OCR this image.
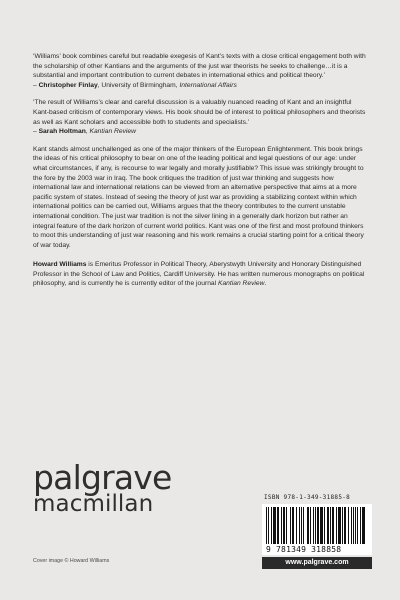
‘Williams’ book combines careful but readable exegesis of Kant’s texts with a close critical engagement both with the scholarship of other Kantians and the arguments of the just war theorists he seeks to challenge…it is a substantial and important contribution to current debates in international ethics and political theory.’

– Christopher Finlay, University of Birmingham, International Affairs

‘The result of Williams’s clear and careful discussion is a valuably nuanced reading of Kant and an insightful Kant-based criticism of contemporary views. His book should be of interest to political philosophers and theorists as well as Kant scholars and accessible both to students and specialists.’

– Sarah Holtman, Kantian Review

Kant stands almost unchallenged as one of the major thinkers of the European Enlightenment. This book brings the ideas of his critical philosophy to bear on one of the leading political and legal questions of our age: under what circumstances, if any, is recourse to war legally and morally justifiable? This issue was strikingly brought to the fore by the 2003 war in Iraq. The book critiques the tradition of just war thinking and suggests how international law and international relations can be viewed from an alternative perspective that aims at a more pacific system of states. Instead of seeing the theory of just war as providing a stabilizing context within which international politics can be carried out, Williams argues that the theory contributes to the current unstable international condition. The just war tradition is not the silver lining in a generally dark horizon but rather an integral feature of the dark horizon of current world politics. Kant was one of the first and most profound thinkers to moot this understanding of just war reasoning and his work remains a crucial starting point for a critical theory of war today.

Howard Williams is Emeritus Professor in Political Theory, Aberystwyth University and Honorary Distinguished Professor in the School of Law and Politics, Cardiff University. He has written numerous monographs on political philosophy, and is currently he is currently editor of the journal Kantian Review.

palgrave
macmillan
Cover image © Howard Williams
ISBN 978-1-349-31885-8
9 781349 318858
www.palgrave.com
